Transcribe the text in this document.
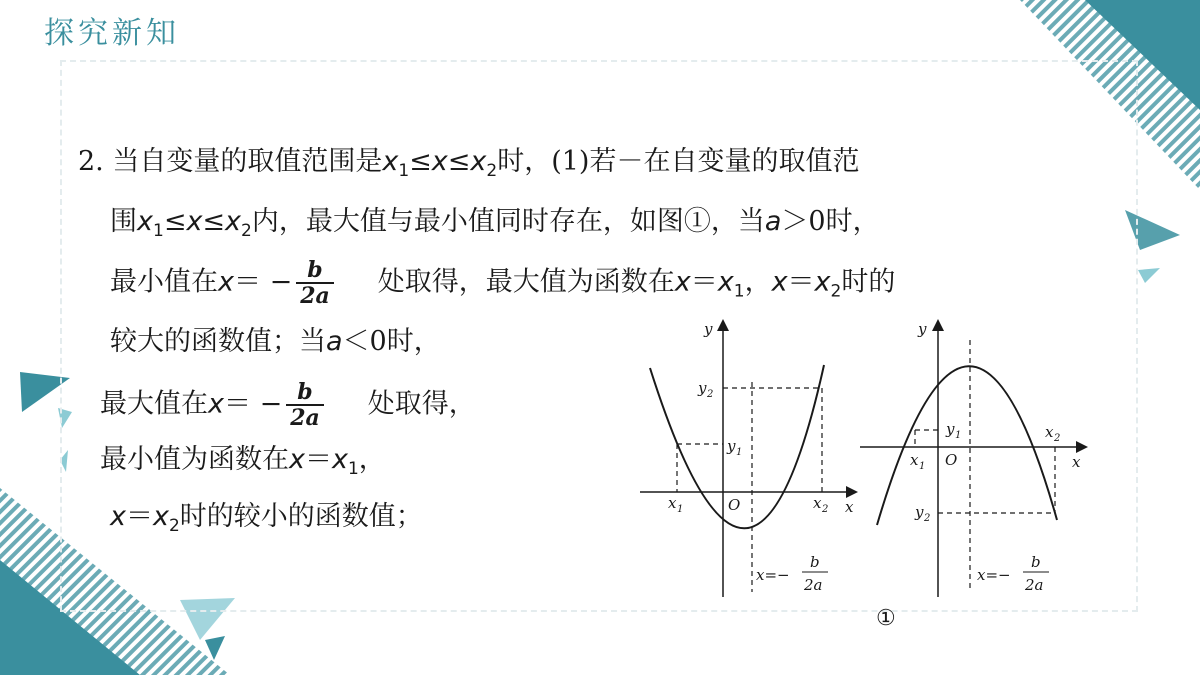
探究新知
2. 当自变量的取值范围是$x_1\le x\le x_2$时，(1)若－在自变量的取值范
围$x_1\le x\le x_2$内，最大值与最小值同时存在，如图①，当a＞0时，
最小值在$x= - \frac{b}{2a}$ 处取得，最大值为函数在$x=x_1$，$x=x_2$时的
较大的函数值；当a＜0时，
最大值在$x= - \frac{b}{2a}$ 处取得，
最小值为函数在$x=x_1$，
$x=x_2$时的较小的函数值；
y
x
O
x 1	x 2
y 1
y 2
x=−
b
2a
y
x
O
x 1
x 2
y 1
y 2
x=−
b
2a
①
